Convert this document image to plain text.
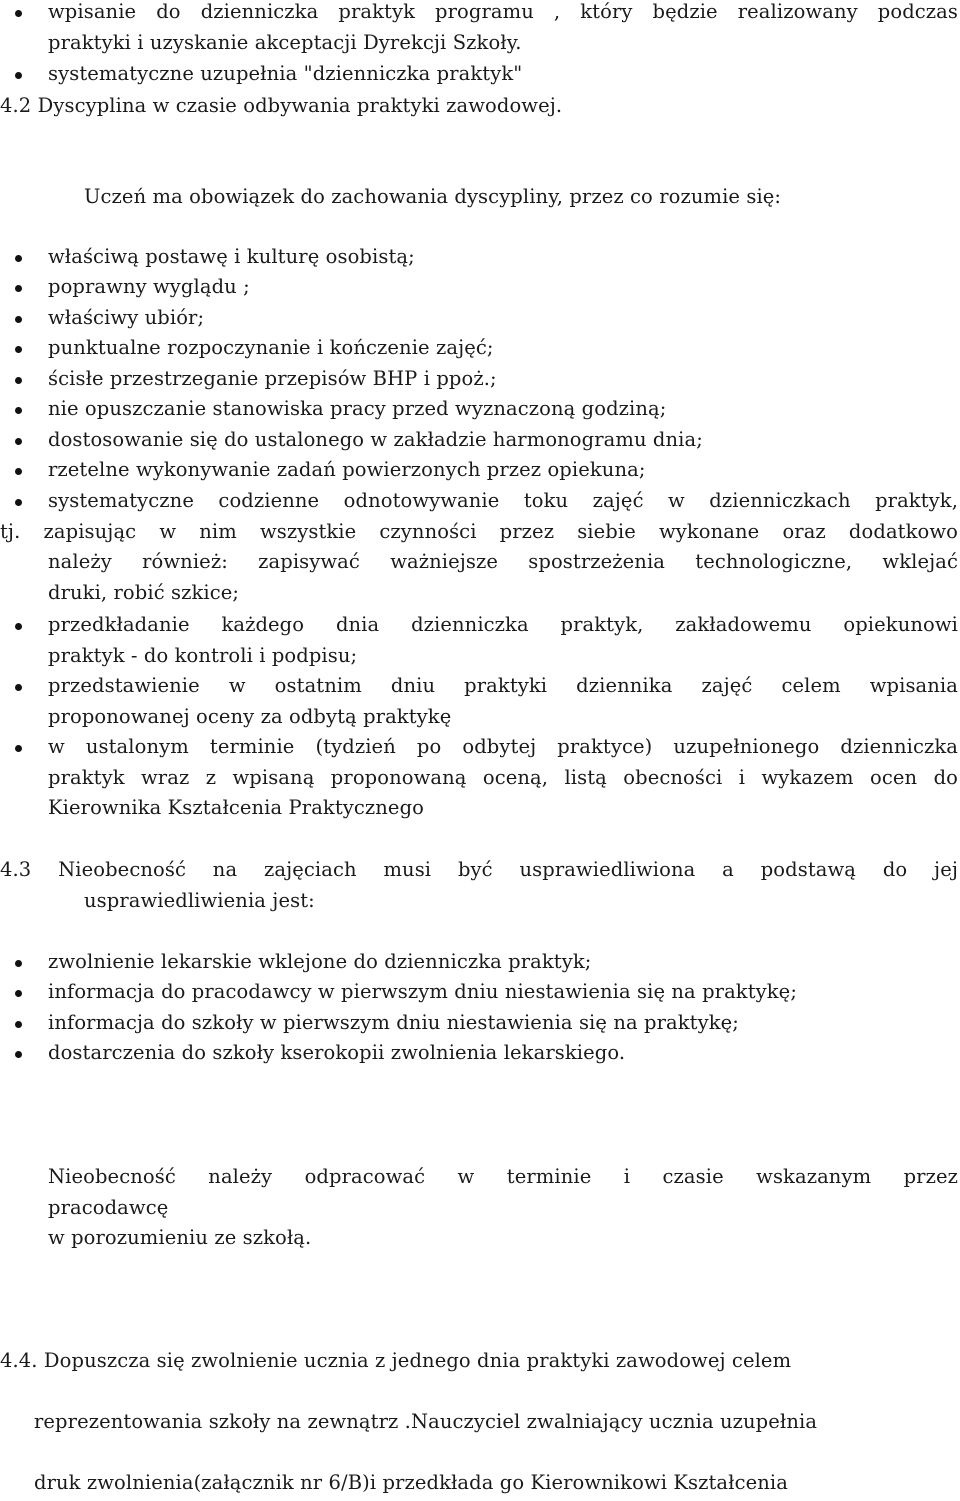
wpisanie do dzienniczka praktyk programu , który będzie realizowany podczas
praktyki i uzyskanie akceptacji Dyrekcji Szkoły.
systematyczne uzupełnia "dzienniczka praktyk"

4.2 Dyscyplina w czasie odbywania praktyki zawodowej.

Uczeń ma obowiązek do zachowania dyscypliny, przez co rozumie się:

właściwą postawę i kulturę osobistą;
poprawny wyglądu ;
właściwy ubiór;
punktualne rozpoczynanie i kończenie zajęć;
ścisłe przestrzeganie przepisów BHP i ppoż.;
nie opuszczanie stanowiska pracy przed wyznaczoną godziną;
dostosowanie się do ustalonego w zakładzie harmonogramu dnia;
rzetelne wykonywanie zadań powierzonych przez opiekuna;
systematyczne codzienne odnotowywanie toku zajęć w dzienniczkach praktyk,
tj. zapisując w nim wszystkie czynności przez siebie wykonane oraz dodatkowo
należy również: zapisywać ważniejsze spostrzeżenia technologiczne, wklejać
druki, robić szkice;
przedkładanie każdego dnia dzienniczka praktyk, zakładowemu opiekunowi
praktyk - do kontroli i podpisu;
przedstawienie w ostatnim dniu praktyki dziennika zajęć celem wpisania
proponowanej oceny za odbytą praktykę
w ustalonym terminie (tydzień po odbytej praktyce) uzupełnionego dzienniczka
praktyk wraz z wpisaną proponowaną oceną, listą obecności i wykazem ocen do
Kierownika Kształcenia Praktycznego
4.3 Nieobecność na zajęciach musi być usprawiedliwiona a podstawą do jej
usprawiedliwienia jest:
zwolnienie lekarskie wklejone do dzienniczka praktyk;
informacja do pracodawcy w pierwszym dniu niestawienia się na praktykę;
informacja do szkoły w pierwszym dniu niestawienia się na praktykę;
dostarczenia do szkoły kserokopii zwolnienia lekarskiego.
Nieobecność należy odpracować w terminie i czasie wskazanym przez
pracodawcę
w porozumieniu ze szkołą.

4.4. Dopuszcza się zwolnienie ucznia z jednego dnia praktyki zawodowej celem

reprezentowania szkoły na zewnątrz .Nauczyciel zwalniający ucznia uzupełnia

druk zwolnienia(załącznik nr 6/B)i przedkłada go Kierownikowi Kształcenia
